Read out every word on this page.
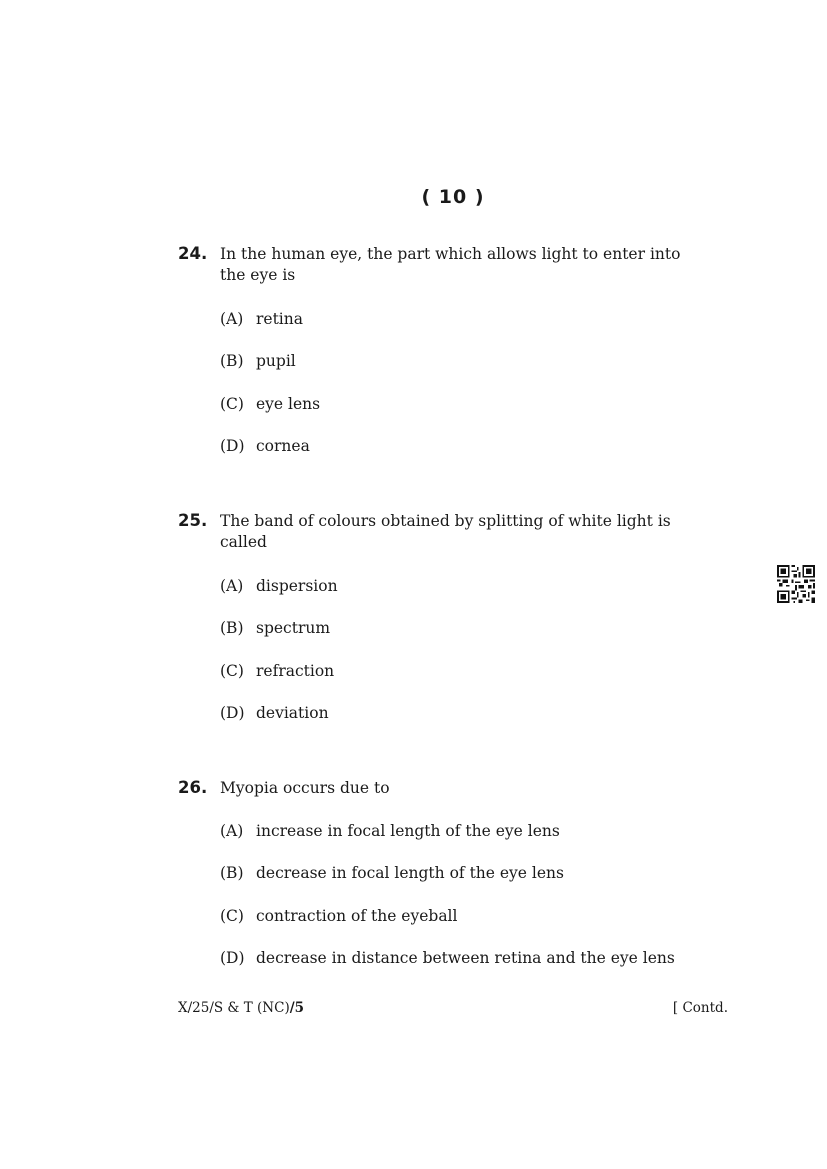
( 10 )
24. In the human eye, the part which allows light to enter into the eye is
(A) retina
(B) pupil
(C) eye lens
(D) cornea
25. The band of colours obtained by splitting of white light is called
(A) dispersion
(B) spectrum
(C) refraction
(D) deviation
26. Myopia occurs due to
(A) increase in focal length of the eye lens
(B) decrease in focal length of the eye lens
(C) contraction of the eyeball
(D) decrease in distance between retina and the eye lens
X/25/S & T (NC)/5	[ Contd.
